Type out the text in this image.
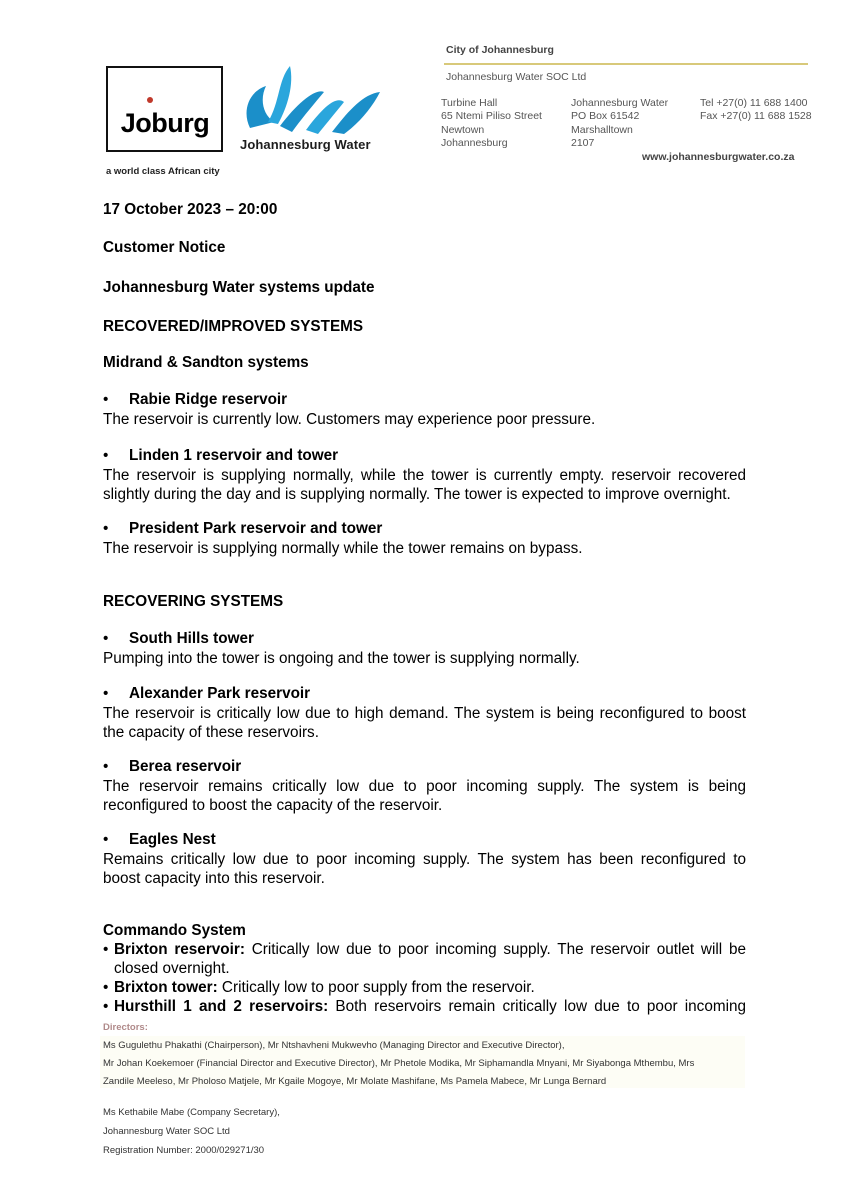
Joburg
a world class African city
Johannesburg Water
City of Johannesburg
Johannesburg Water SOC Ltd
Turbine Hall
65 Ntemi Piliso Street
Newtown
Johannesburg
Johannesburg Water
PO Box 61542
Marshalltown
2107
Tel +27(0) 11 688 1400
Fax +27(0) 11 688 1528
www.johannesburgwater.co.za
17 October 2023 – 20:00
Customer Notice
Johannesburg Water systems update
RECOVERED/IMPROVED SYSTEMS
Midrand & Sandton systems
• Rabie Ridge reservoir
The reservoir is currently low. Customers may experience poor pressure.
• Linden 1 reservoir and tower
The reservoir is supplying normally, while the tower is currently empty. reservoir recovered slightly during the day and is supplying normally. The tower is expected to improve overnight.
• President Park reservoir and tower
The reservoir is supplying normally while the tower remains on bypass.
RECOVERING SYSTEMS
• South Hills tower
Pumping into the tower is ongoing and the tower is supplying normally.
• Alexander Park reservoir
The reservoir is critically low due to high demand. The system is being reconfigured to boost the capacity of these reservoirs.
• Berea reservoir
The reservoir remains critically low due to poor incoming supply. The system is being reconfigured to boost the capacity of the reservoir.
• Eagles Nest
Remains critically low due to poor incoming supply. The system has been reconfigured to boost capacity into this reservoir.
Commando System
• Brixton reservoir: Critically low due to poor incoming supply. The reservoir outlet will be closed overnight.
• Brixton tower: Critically low to poor supply from the reservoir.
• Hursthill 1 and 2 reservoirs: Both reservoirs remain critically low due to poor incoming
Directors:
Ms Gugulethu Phakathi (Chairperson), Mr Ntshavheni Mukwevho (Managing Director and Executive Director),
Mr Johan Koekemoer (Financial Director and Executive Director), Mr Phetole Modika, Mr Siphamandla Mnyani, Mr Siyabonga Mthembu, Mrs
Zandile Meeleso, Mr Pholoso Matjele, Mr Kgaile Mogoye, Mr Molate Mashifane, Ms Pamela Mabece, Mr Lunga Bernard
Ms Kethabile Mabe (Company Secretary),
Johannesburg Water SOC Ltd
Registration Number: 2000/029271/30
